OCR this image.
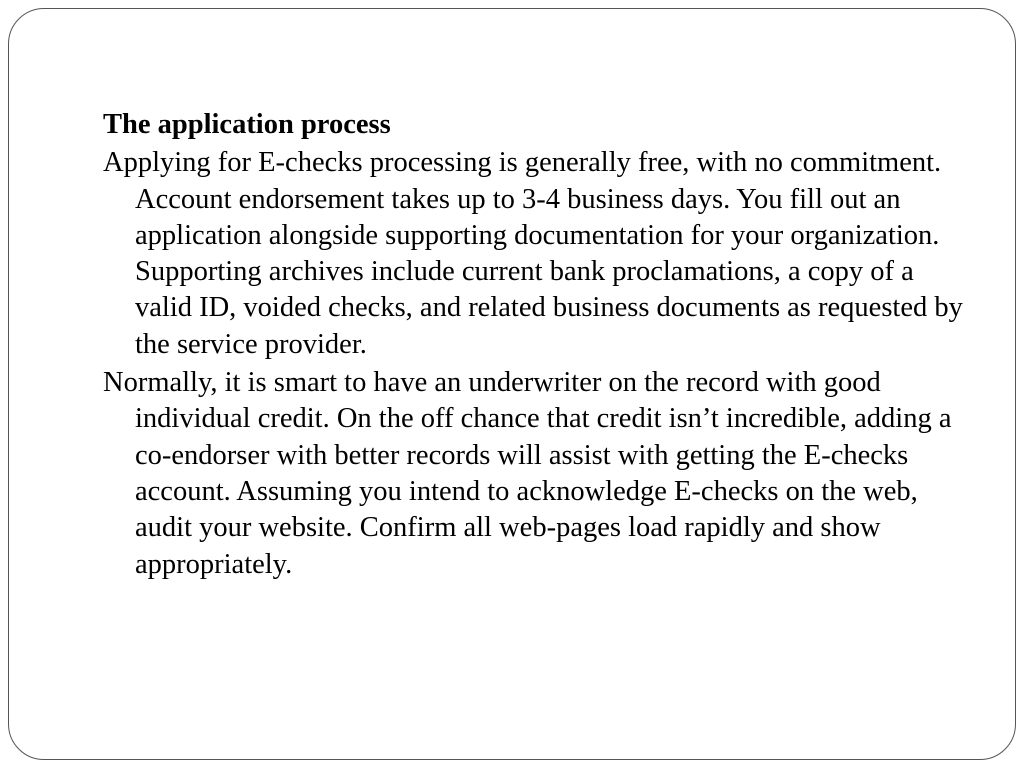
The application process
Applying for E-checks processing is generally free, with no commitment. Account endorsement takes up to 3-4 business days. You fill out an application alongside supporting documentation for your organization. Supporting archives include current bank proclamations, a copy of a valid ID, voided checks, and related business documents as requested by the service provider.
Normally, it is smart to have an underwriter on the record with good individual credit. On the off chance that credit isn’t incredible, adding a co-endorser with better records will assist with getting the E-checks account. Assuming you intend to acknowledge E-checks on the web, audit your website. Confirm all web-pages load rapidly and show appropriately.
